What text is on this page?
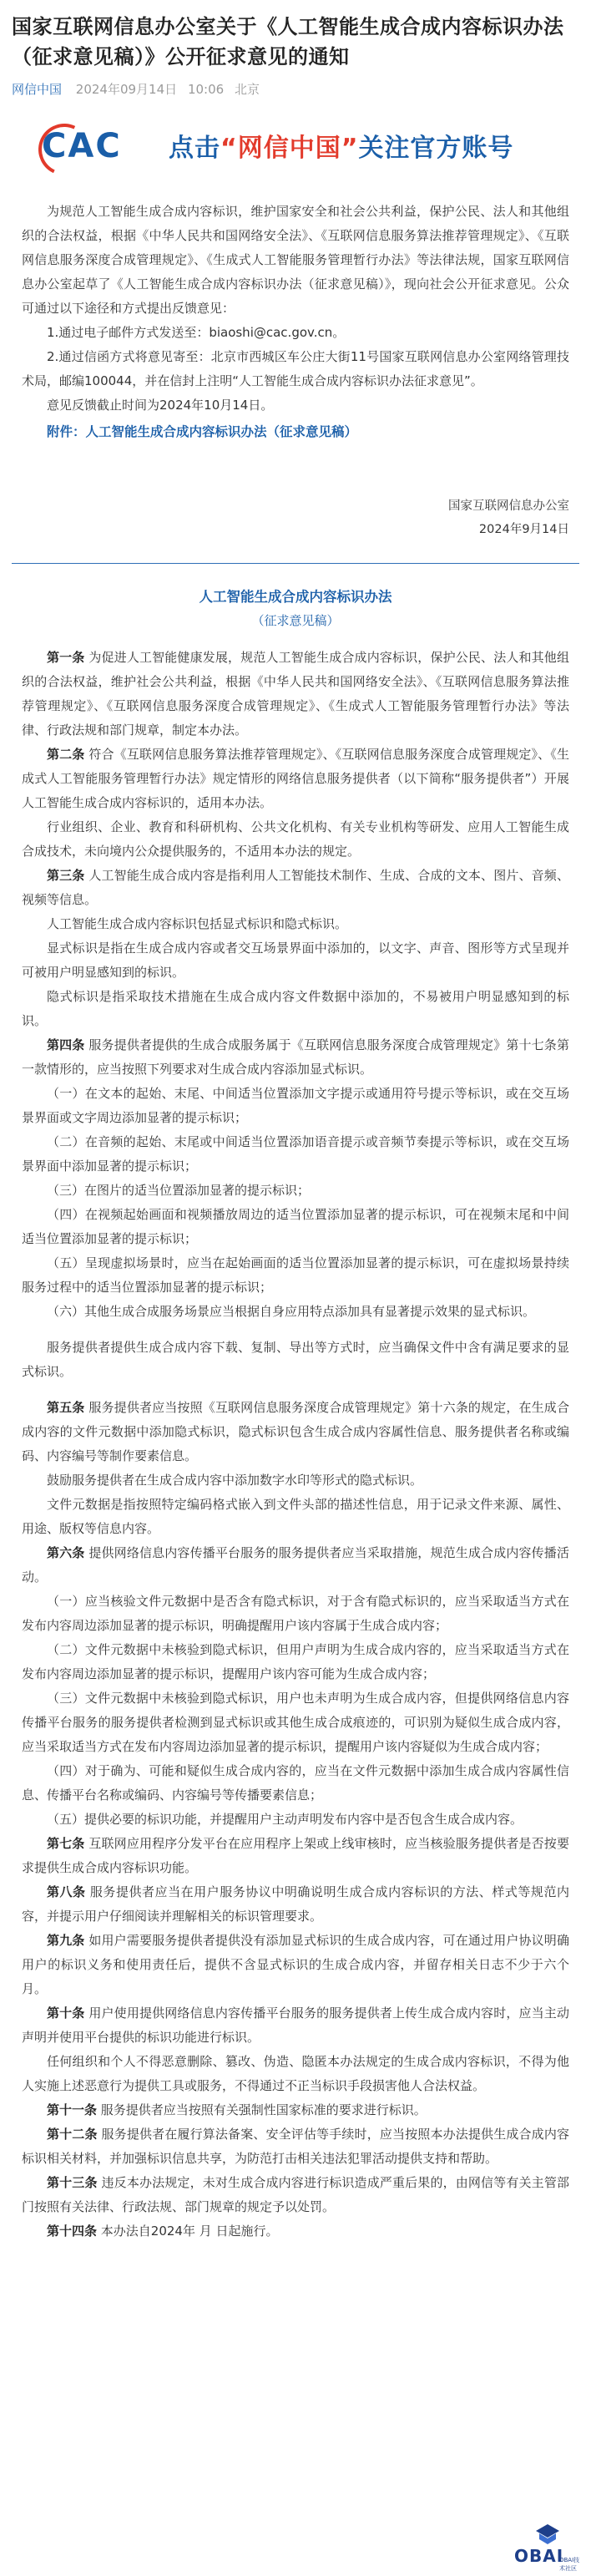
国家互联网信息办公室关于《人工智能生成合成内容标识办法（征求意见稿）》公开征求意见的通知
网信中国 2024年09月14日 10:06 北京
CAC 点击“网信中国”关注官方账号

为规范人工智能生成合成内容标识，维护国家安全和社会公共利益，保护公民、法人和其他组织的合法权益，根据《中华人民共和国网络安全法》、《互联网信息服务算法推荐管理规定》、《互联网信息服务深度合成管理规定》、《生成式人工智能服务管理暂行办法》等法律法规，国家互联网信息办公室起草了《人工智能生成合成内容标识办法（征求意见稿）》，现向社会公开征求意见。公众可通过以下途径和方式提出反馈意见：

1.通过电子邮件方式发送至：biaoshi@cac.gov.cn。

2.通过信函方式将意见寄至：北京市西城区车公庄大街11号国家互联网信息办公室网络管理技术局，邮编100044，并在信封上注明“人工智能生成合成内容标识办法征求意见”。

意见反馈截止时间为2024年10月14日。

附件：人工智能生成合成内容标识办法（征求意见稿）

国家互联网信息办公室

2024年9月14日

人工智能生成合成内容标识办法
（征求意见稿）

第一条 为促进人工智能健康发展，规范人工智能生成合成内容标识，保护公民、法人和其他组织的合法权益，维护社会公共利益，根据《中华人民共和国网络安全法》、《互联网信息服务算法推荐管理规定》、《互联网信息服务深度合成管理规定》、《生成式人工智能服务管理暂行办法》等法律、行政法规和部门规章，制定本办法。

第二条 符合《互联网信息服务算法推荐管理规定》、《互联网信息服务深度合成管理规定》、《生成式人工智能服务管理暂行办法》规定情形的网络信息服务提供者（以下简称“服务提供者”）开展人工智能生成合成内容标识的，适用本办法。

行业组织、企业、教育和科研机构、公共文化机构、有关专业机构等研发、应用人工智能生成合成技术，未向境内公众提供服务的，不适用本办法的规定。

第三条 人工智能生成合成内容是指利用人工智能技术制作、生成、合成的文本、图片、音频、视频等信息。

人工智能生成合成内容标识包括显式标识和隐式标识。

显式标识是指在生成合成内容或者交互场景界面中添加的，以文字、声音、图形等方式呈现并可被用户明显感知到的标识。

隐式标识是指采取技术措施在生成合成内容文件数据中添加的，不易被用户明显感知到的标识。

第四条 服务提供者提供的生成合成服务属于《互联网信息服务深度合成管理规定》第十七条第一款情形的，应当按照下列要求对生成合成内容添加显式标识。

（一）在文本的起始、末尾、中间适当位置添加文字提示或通用符号提示等标识，或在交互场景界面或文字周边添加显著的提示标识；

（二）在音频的起始、末尾或中间适当位置添加语音提示或音频节奏提示等标识，或在交互场景界面中添加显著的提示标识；

（三）在图片的适当位置添加显著的提示标识；

（四）在视频起始画面和视频播放周边的适当位置添加显著的提示标识，可在视频末尾和中间适当位置添加显著的提示标识；

（五）呈现虚拟场景时，应当在起始画面的适当位置添加显著的提示标识，可在虚拟场景持续服务过程中的适当位置添加显著的提示标识；

（六）其他生成合成服务场景应当根据自身应用特点添加具有显著提示效果的显式标识。

服务提供者提供生成合成内容下载、复制、导出等方式时，应当确保文件中含有满足要求的显式标识。

第五条 服务提供者应当按照《互联网信息服务深度合成管理规定》第十六条的规定，在生成合成内容的文件元数据中添加隐式标识，隐式标识包含生成合成内容属性信息、服务提供者名称或编码、内容编号等制作要素信息。

鼓励服务提供者在生成合成内容中添加数字水印等形式的隐式标识。

文件元数据是指按照特定编码格式嵌入到文件头部的描述性信息，用于记录文件来源、属性、用途、版权等信息内容。

第六条 提供网络信息内容传播平台服务的服务提供者应当采取措施，规范生成合成内容传播活动。

（一）应当核验文件元数据中是否含有隐式标识，对于含有隐式标识的，应当采取适当方式在发布内容周边添加显著的提示标识，明确提醒用户该内容属于生成合成内容；

（二）文件元数据中未核验到隐式标识，但用户声明为生成合成内容的，应当采取适当方式在发布内容周边添加显著的提示标识，提醒用户该内容可能为生成合成内容；

（三）文件元数据中未核验到隐式标识，用户也未声明为生成合成内容，但提供网络信息内容传播平台服务的服务提供者检测到显式标识或其他生成合成痕迹的，可识别为疑似生成合成内容，应当采取适当方式在发布内容周边添加显著的提示标识，提醒用户该内容疑似为生成合成内容；

（四）对于确为、可能和疑似生成合成内容的，应当在文件元数据中添加生成合成内容属性信息、传播平台名称或编码、内容编号等传播要素信息；

（五）提供必要的标识功能，并提醒用户主动声明发布内容中是否包含生成合成内容。

第七条 互联网应用程序分发平台在应用程序上架或上线审核时，应当核验服务提供者是否按要求提供生成合成内容标识功能。

第八条 服务提供者应当在用户服务协议中明确说明生成合成内容标识的方法、样式等规范内容，并提示用户仔细阅读并理解相关的标识管理要求。

第九条 如用户需要服务提供者提供没有添加显式标识的生成合成内容，可在通过用户协议明确用户的标识义务和使用责任后，提供不含显式标识的生成合成内容，并留存相关日志不少于六个月。

第十条 用户使用提供网络信息内容传播平台服务的服务提供者上传生成合成内容时，应当主动声明并使用平台提供的标识功能进行标识。

任何组织和个人不得恶意删除、篡改、伪造、隐匿本办法规定的生成合成内容标识，不得为他人实施上述恶意行为提供工具或服务，不得通过不正当标识手段损害他人合法权益。

第十一条 服务提供者应当按照有关强制性国家标准的要求进行标识。

第十二条 服务提供者在履行算法备案、安全评估等手续时，应当按照本办法提供生成合成内容标识相关材料，并加强标识信息共享，为防范打击相关违法犯罪活动提供支持和帮助。

第十三条 违反本办法规定，未对生成合成内容进行标识造成严重后果的，由网信等有关主管部门按照有关法律、行政法规、部门规章的规定予以处罚。

第十四条 本办法自2024年 月 日起施行。

OBAI
OBAI技术社区
